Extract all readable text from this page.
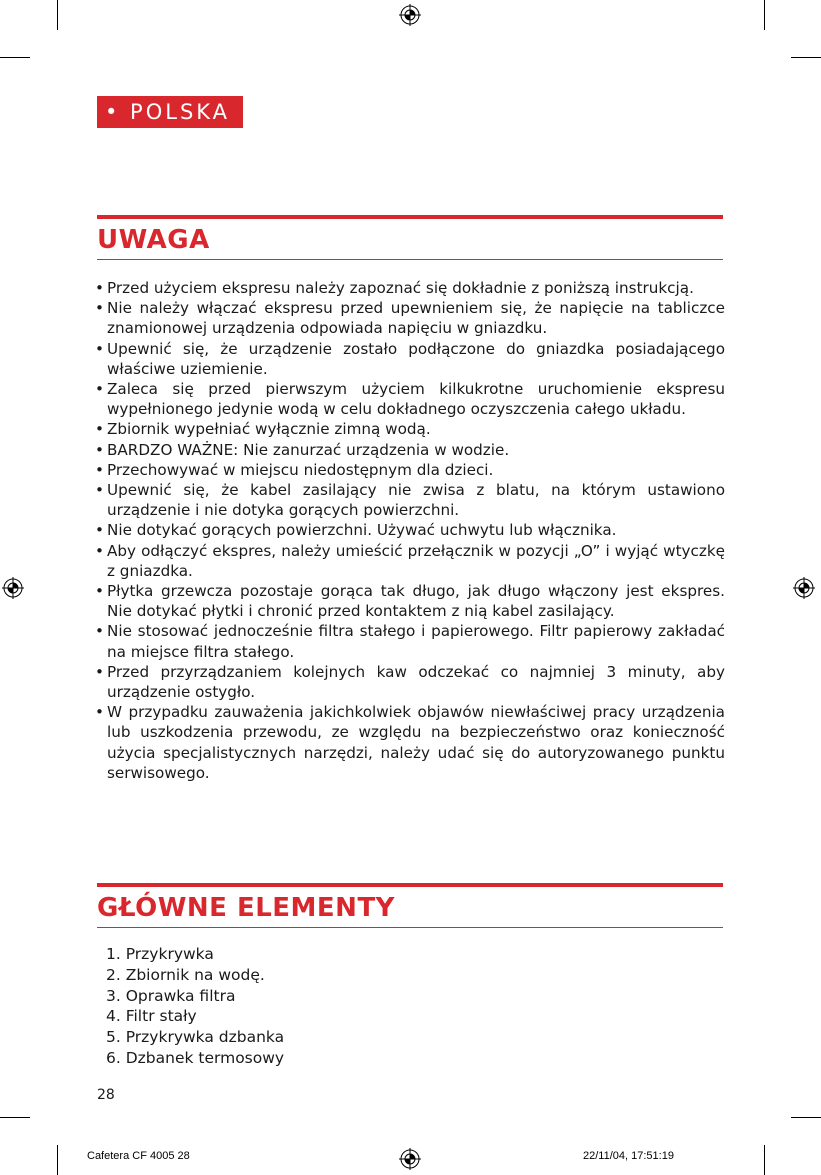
• POLSKA
UWAGA
• Przed użyciem ekspresu należy zapoznać się dokładnie z poniższą instrukcją.
• Nie należy włączać ekspresu przed upewnieniem się, że napięcie na tabliczce znamionowej urządzenia odpowiada napięciu w gniazdku.
• Upewnić się, że urządzenie zostało podłączone do gniazdka posiadającego właściwe uziemienie.
• Zaleca się przed pierwszym użyciem kilkukrotne uruchomienie ekspresu wypełnionego jedynie wodą w celu dokładnego oczyszczenia całego układu.
• Zbiornik wypełniać wyłącznie zimną wodą.
• BARDZO WAŻNE: Nie zanurzać urządzenia w wodzie.
• Przechowywać w miejscu niedostępnym dla dzieci.
• Upewnić się, że kabel zasilający nie zwisa z blatu, na którym ustawiono urządzenie i nie dotyka gorących powierzchni.
• Nie dotykać gorących powierzchni. Używać uchwytu lub włącznika.
• Aby odłączyć ekspres, należy umieścić przełącznik w pozycji „O” i wyjąć wtyczkę z gniazdka.
• Płytka grzewcza pozostaje gorąca tak długo, jak długo włączony jest ekspres. Nie dotykać płytki i chronić przed kontaktem z nią kabel zasilający.
• Nie stosować jednocześnie filtra stałego i papierowego. Filtr papierowy zakładać na miejsce filtra stałego.
• Przed przyrządzaniem kolejnych kaw odczekać co najmniej 3 minuty, aby urządzenie ostygło.
• W przypadku zauważenia jakichkolwiek objawów niewłaściwej pracy urządzenia lub uszkodzenia przewodu, ze względu na bezpieczeństwo oraz konieczność użycia specjalistycznych narzędzi, należy udać się do autoryzowanego punktu serwisowego.
GŁÓWNE ELEMENTY
1. Przykrywka
2. Zbiornik na wodę.
3. Oprawka filtra
4. Filtr stały
5. Przykrywka dzbanka
6. Dzbanek termosowy
28
Cafetera CF 4005 28	22/11/04, 17:51:19
